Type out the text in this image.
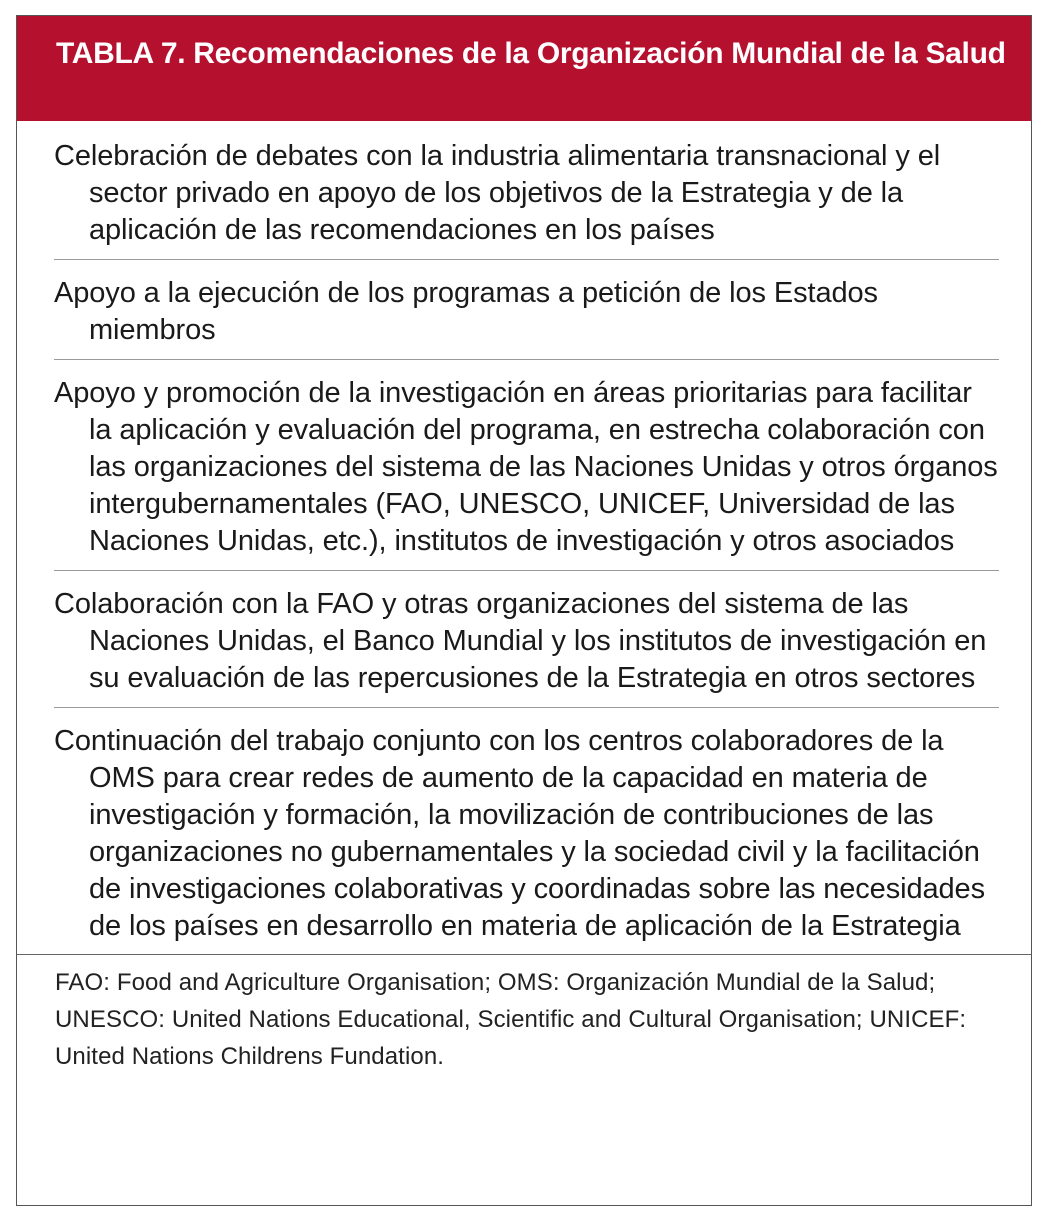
TABLA 7. Recomendaciones de la Organización Mundial de la Salud
Celebración de debates con la industria alimentaria transnacional y el sector privado en apoyo de los objetivos de la Estrategia y de la aplicación de las recomendaciones en los países
Apoyo a la ejecución de los programas a petición de los Estados miembros
Apoyo y promoción de la investigación en áreas prioritarias para facilitar la aplicación y evaluación del programa, en estrecha colaboración con las organizaciones del sistema de las Naciones Unidas y otros órganos intergubernamentales (FAO, UNESCO, UNICEF, Universidad de las Naciones Unidas, etc.), institutos de investigación y otros asociados
Colaboración con la FAO y otras organizaciones del sistema de las Naciones Unidas, el Banco Mundial y los institutos de investigación en su evaluación de las repercusiones de la Estrategia en otros sectores
Continuación del trabajo conjunto con los centros colaboradores de la OMS para crear redes de aumento de la capacidad en materia de investigación y formación, la movilización de contribuciones de las organizaciones no gubernamentales y la sociedad civil y la facilitación de investigaciones colaborativas y coordinadas sobre las necesidades de los países en desarrollo en materia de aplicación de la Estrategia
FAO: Food and Agriculture Organisation; OMS: Organización Mundial de la Salud; UNESCO: United Nations Educational, Scientific and Cultural Organisation; UNICEF: United Nations Childrens Fundation.
